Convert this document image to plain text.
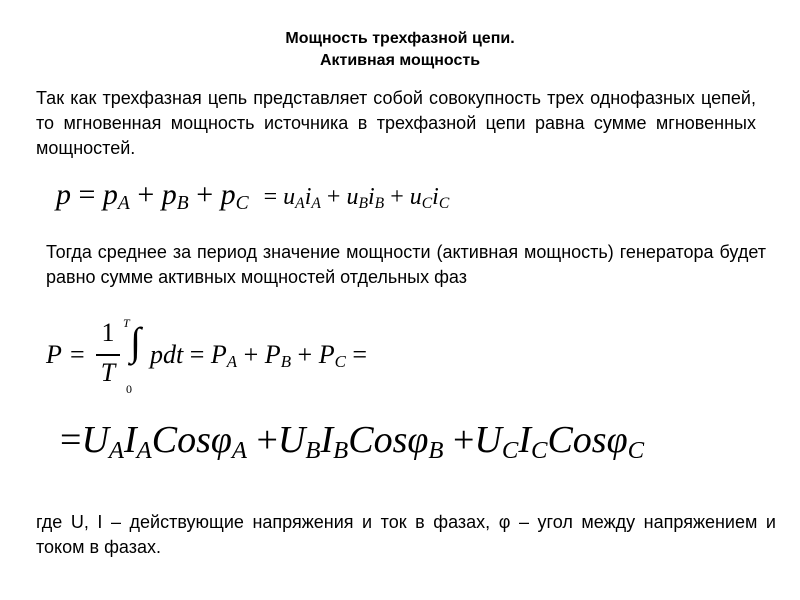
Мощность трехфазной цепи.
Активная мощность
Так как трехфазная цепь представляет собой совокупность трех однофазных цепей, то мгновенная мощность источника в трехфазной цепи равна сумме мгновенных мощностей.
$p = p_A + p_B + p_C = u_Ai_A + u_Bi_B + u_Ci_C$
Тогда среднее за период значение мощности (активная мощность) генератора будет равно сумме активных мощностей отдельных фаз
P =
1
T
∫
T
0
pdt = $P_A + P_B + P_C$ =
$=U_AI_ACos\varphi_A +U_BI_BCos\varphi_B +U_CI_CCos\varphi_C$
где U, I – действующие напряжения и ток в фазах, φ – угол между напряжением и током в фазах.
